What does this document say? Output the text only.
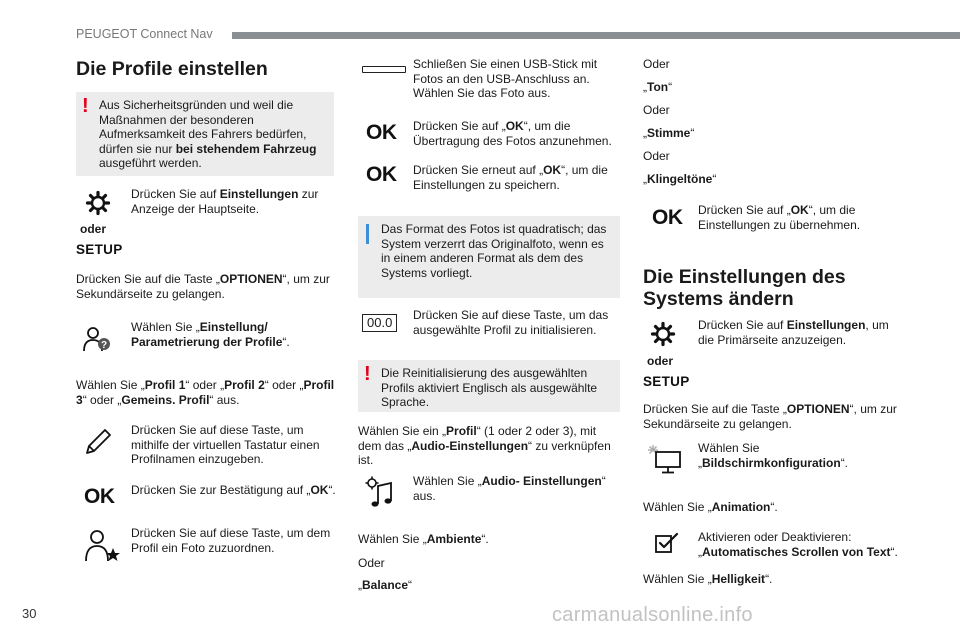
PEUGEOT Connect Nav
30	carmanualsonline.info
Die Profile einstellen
! Aus Sicherheitsgründen und weil die Maßnahmen der besonderen Aufmerksamkeit des Fahrers bedürfen, dürfen sie nur bei stehendem Fahrzeug ausgeführt werden.
oder
SETUP
Drücken Sie auf Einstellungen zur Anzeige der Hauptseite.
Drücken Sie auf die Taste „OPTIONEN“, um zur Sekundärseite zu gelangen.
?
Wählen Sie „Einstellung/ Parametrierung der Profile“.
Wählen Sie „Profil 1“ oder „Profil 2“ oder „Profil 3“ oder „Gemeins. Profil“ aus.
Drücken Sie auf diese Taste, um mithilfe der virtuellen Tastatur einen Profilnamen einzugeben.
OK Drücken Sie zur Bestätigung auf „OK“.
Drücken Sie auf diese Taste, um dem Profil ein Foto zuzuordnen.
Schließen Sie einen USB-Stick mit Fotos an den USB-Anschluss an. Wählen Sie das Foto aus.
OK Drücken Sie auf „OK“, um die Übertragung des Fotos anzunehmen.
OK Drücken Sie erneut auf „OK“, um die Einstellungen zu speichern.
Das Format des Fotos ist quadratisch; das System verzerrt das Originalfoto, wenn es in einem anderen Format als dem des Systems vorliegt.
00.0	Drücken Sie auf diese Taste, um das ausgewählte Profil zu initialisieren.
! Die Reinitialisierung des ausgewählten Profils aktiviert Englisch als ausgewählte Sprache.
Wählen Sie ein „Profil“ (1 oder 2 oder 3), mit dem das „Audio-Einstellungen“ zu verknüpfen ist.
Wählen Sie „Audio- Einstellungen“ aus.
Wählen Sie „Ambiente“.
Oder
„Balance“
Oder
„Ton“
Oder
„Stimme“
Oder
„Klingeltöne“
OK Drücken Sie auf „OK“, um die Einstellungen zu übernehmen.
Die Einstellungen des Systems ändern
oder
SETUP
Drücken Sie auf Einstellungen, um die Primärseite anzuzeigen.
Drücken Sie auf die Taste „OPTIONEN“, um zur Sekundärseite zu gelangen.
Wählen Sie „Bildschirmkonfiguration“.
Wählen Sie „Animation“.
Aktivieren oder Deaktivieren: „Automatisches Scrollen von Text“.
Wählen Sie „Helligkeit“.
